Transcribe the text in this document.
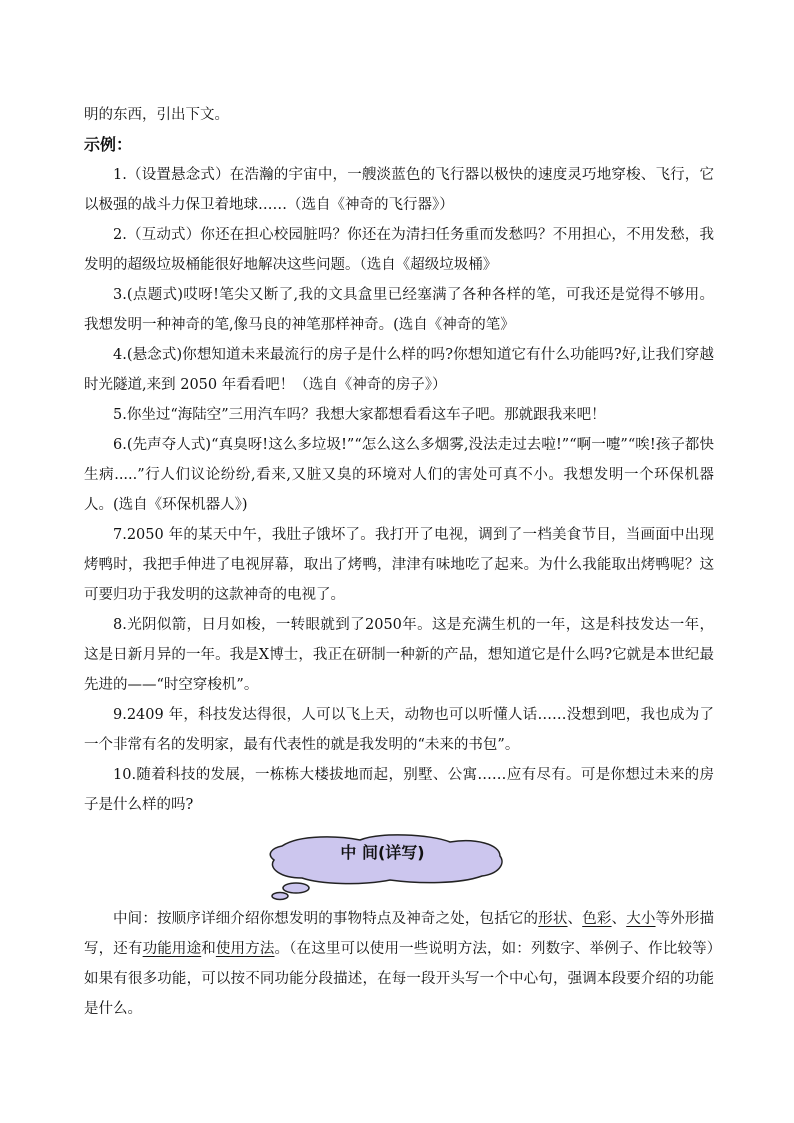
明的东西，引出下文。

示例：

1.（设置悬念式）在浩瀚的宇宙中，一艘淡蓝色的飞行器以极快的速度灵巧地穿梭、飞行，它以极强的战斗力保卫着地球……（选自《神奇的飞行器》）

2.（互动式）你还在担心校园脏吗？你还在为清扫任务重而发愁吗？不用担心，不用发愁，我发明的超级垃圾桶能很好地解决这些问题。（选自《超级垃圾桶》

3.(点题式)哎呀!笔尖又断了,我的文具盒里已经塞满了各种各样的笔，可我还是觉得不够用。我想发明一种神奇的笔,像马良的神笔那样神奇。(选自《神奇的笔》

4.(悬念式)你想知道未来最流行的房子是什么样的吗?你想知道它有什么功能吗?好,让我们穿越时光隧道,来到 2050 年看看吧！（选自《神奇的房子》）

5.你坐过“海陆空”三用汽车吗？我想大家都想看看这车子吧。那就跟我来吧！

6.(先声夺人式)“真臭呀!这么多垃圾!”“怎么这么多烟雾,没法走过去啦!”“啊一嚏”“唉!孩子都快生病.....”行人们议论纷纷,看来,又脏又臭的环境对人们的害处可真不小。我想发明一个环保机器人。(选自《环保机器人》)

7.2050 年的某天中午，我肚子饿坏了。我打开了电视，调到了一档美食节目，当画面中出现烤鸭时，我把手伸进了电视屏幕，取出了烤鸭，津津有味地吃了起来。为什么我能取出烤鸭呢？这可要归功于我发明的这款神奇的电视了。

8.光阴似箭，日月如梭，一转眼就到了2050年。这是充满生机的一年，这是科技发达一年，这是日新月异的一年。我是X博士，我正在研制一种新的产品，想知道它是什么吗?它就是本世纪最先进的——“时空穿梭机”。

9.2409 年，科技发达得很，人可以飞上天，动物也可以听懂人话……没想到吧，我也成为了一个非常有名的发明家，最有代表性的就是我发明的“未来的书包”。

10.随着科技的发展，一栋栋大楼拔地而起，别墅、公寓……应有尽有。可是你想过未来的房子是什么样的吗?

中 间(详写)

中间：按顺序详细介绍你想发明的事物特点及神奇之处，包括它的形状、色彩、大小等外形描写，还有功能用途和使用方法。（在这里可以使用一些说明方法，如：列数字、举例子、作比较等）如果有很多功能，可以按不同功能分段描述，在每一段开头写一个中心句，强调本段要介绍的功能是什么。
